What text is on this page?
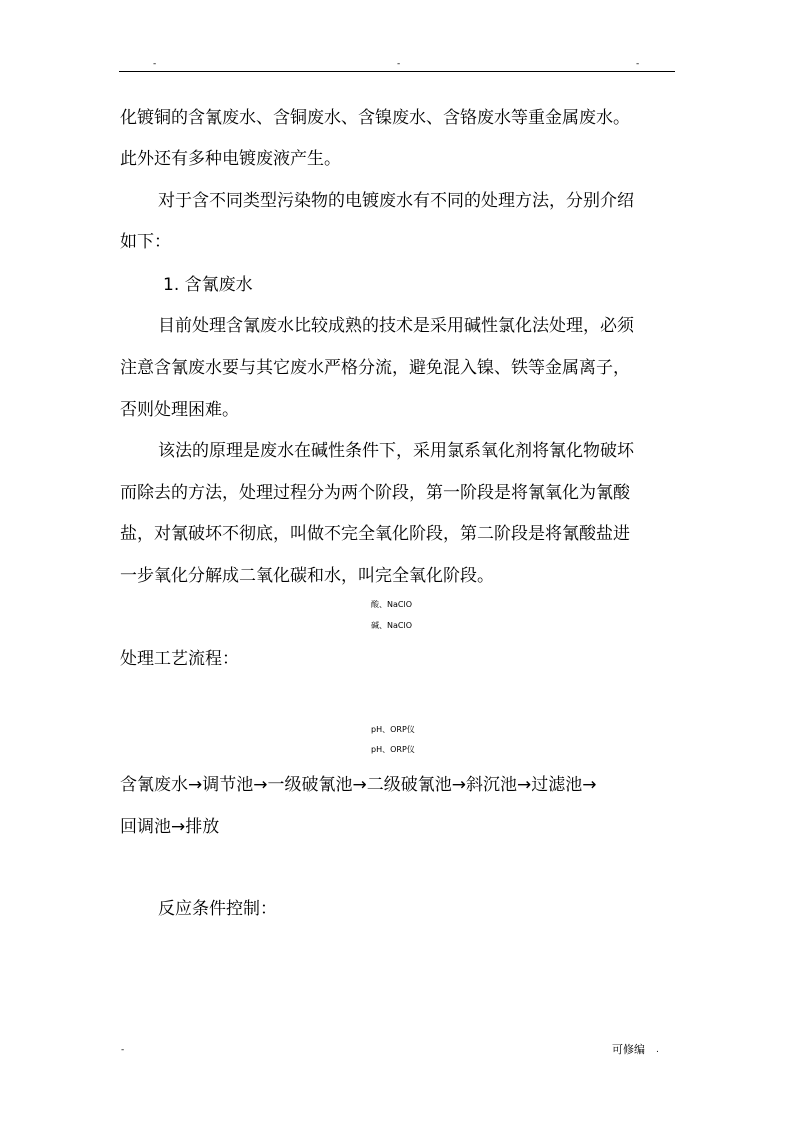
-	-	-
化镀铜的含氰废水、含铜废水、含镍废水、含铬废水等重金属废水。
此外还有多种电镀废液产生。
对于含不同类型污染物的电镀废水有不同的处理方法，分别介绍
如下：
1. 含氰废水
目前处理含氰废水比较成熟的技术是采用碱性氯化法处理，必须
注意含氰废水要与其它废水严格分流，避免混入镍、铁等金属离子，
否则处理困难。
该法的原理是废水在碱性条件下，采用氯系氧化剂将氰化物破坏
而除去的方法，处理过程分为两个阶段，第一阶段是将氰氧化为氰酸
盐，对氰破坏不彻底，叫做不完全氧化阶段，第二阶段是将氰酸盐进
一步氧化分解成二氧化碳和水，叫完全氧化阶段。
酸、NaClO
碱、NaClO
处理工艺流程：
pH、ORP仪
pH、ORP仪
含氰废水→调节池→一级破氰池→二级破氰池→斜沉池→过滤池→
回调池→排放
反应条件控制：
-	可修编 .
